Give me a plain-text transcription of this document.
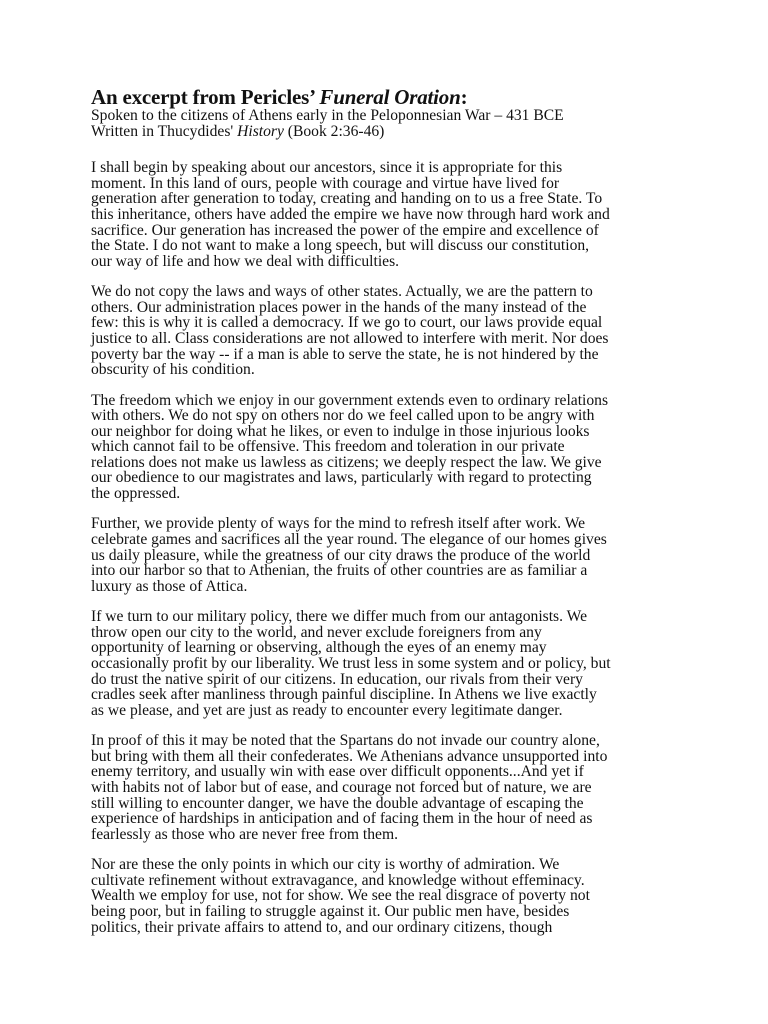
An excerpt from Pericles’ Funeral Oration:

Spoken to the citizens of Athens early in the Peloponnesian War – 431 BCE
Written in Thucydides' History (Book 2:36-46)

I shall begin by speaking about our ancestors, since it is appropriate for this
moment. In this land of ours, people with courage and virtue have lived for
generation after generation to today, creating and handing on to us a free State. To
this inheritance, others have added the empire we have now through hard work and
sacrifice. Our generation has increased the power of the empire and excellence of
the State. I do not want to make a long speech, but will discuss our constitution,
our way of life and how we deal with difficulties.

We do not copy the laws and ways of other states. Actually, we are the pattern to
others. Our administration places power in the hands of the many instead of the
few: this is why it is called a democracy. If we go to court, our laws provide equal
justice to all. Class considerations are not allowed to interfere with merit. Nor does
poverty bar the way -- if a man is able to serve the state, he is not hindered by the
obscurity of his condition.

The freedom which we enjoy in our government extends even to ordinary relations
with others. We do not spy on others nor do we feel called upon to be angry with
our neighbor for doing what he likes, or even to indulge in those injurious looks
which cannot fail to be offensive. This freedom and toleration in our private
relations does not make us lawless as citizens; we deeply respect the law. We give
our obedience to our magistrates and laws, particularly with regard to protecting
the oppressed.

Further, we provide plenty of ways for the mind to refresh itself after work. We
celebrate games and sacrifices all the year round. The elegance of our homes gives
us daily pleasure, while the greatness of our city draws the produce of the world
into our harbor so that to Athenian, the fruits of other countries are as familiar a
luxury as those of Attica.

If we turn to our military policy, there we differ much from our antagonists. We
throw open our city to the world, and never exclude foreigners from any
opportunity of learning or observing, although the eyes of an enemy may
occasionally profit by our liberality. We trust less in some system and or policy, but
do trust the native spirit of our citizens. In education, our rivals from their very
cradles seek after manliness through painful discipline. In Athens we live exactly
as we please, and yet are just as ready to encounter every legitimate danger.

In proof of this it may be noted that the Spartans do not invade our country alone,
but bring with them all their confederates. We Athenians advance unsupported into
enemy territory, and usually win with ease over difficult opponents...And yet if
with habits not of labor but of ease, and courage not forced but of nature, we are
still willing to encounter danger, we have the double advantage of escaping the
experience of hardships in anticipation and of facing them in the hour of need as
fearlessly as those who are never free from them.

Nor are these the only points in which our city is worthy of admiration. We
cultivate refinement without extravagance, and knowledge without effeminacy.
Wealth we employ for use, not for show. We see the real disgrace of poverty not
being poor, but in failing to struggle against it. Our public men have, besides
politics, their private affairs to attend to, and our ordinary citizens, though
